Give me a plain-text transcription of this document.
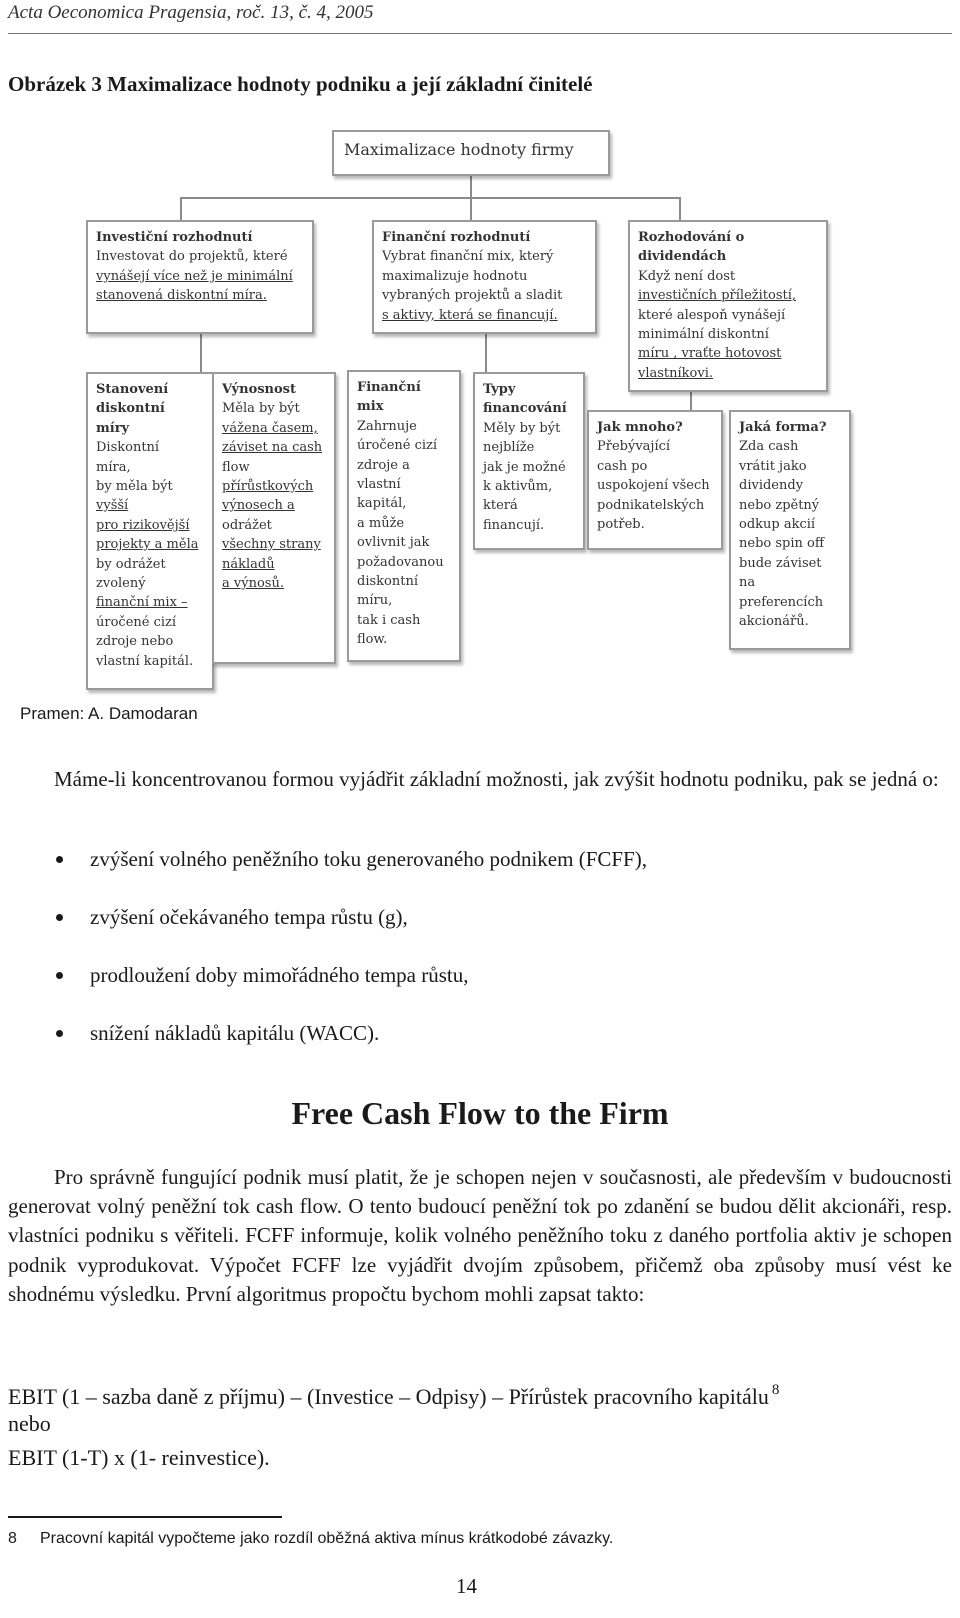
Acta Oeconomica Pragensia, roč. 13, č. 4, 2005
Obrázek 3 Maximalizace hodnoty podniku a její základní činitelé
Maximalizace hodnoty firmy
Investiční rozhodnutí
Investovat do projektů, které
vynášejí více než je minimální
stanovená diskontní míra.
Finanční rozhodnutí
Vybrat finanční mix, který
maximalizuje hodnotu
vybraných projektů a sladit
s aktivy, která se financují.
Rozhodování o
dividendách
Když není dost
investičních příležitostí,
které alespoň vynášejí
minimální diskontní
míru , vraťte hotovost
vlastníkovi.
Stanovení
diskontní
míry
Diskontní
míra,
by měla být
vyšší
pro rizikovější
projekty a měla
by odrážet
zvolený
finanční mix –
úročené cizí
zdroje nebo
vlastní kapitál.
Výnosnost
Měla by být
vážena časem,
záviset na cash
flow
přírůstkových
výnosech a
odrážet
všechny strany
nákladů
a výnosů.
Finanční
mix
Zahrnuje
úročené cizí
zdroje a
vlastní
kapitál,
a může
ovlivnit jak
požadovanou
diskontní
míru,
tak i cash
flow.
Typy
financování
Měly by být
nejblíže
jak je možné
k aktivům,
která
financují.
Jak mnoho?
Přebývající
cash po
uspokojení všech
podnikatelských
potřeb.
Jaká forma?
Zda cash
vrátit jako
dividendy
nebo zpětný
odkup akcií
nebo spin off
bude záviset
na
preferencích
akcionářů.
Pramen: A. Damodaran
Máme-li koncentrovanou formou vyjádřit základní možnosti, jak zvýšit hodnotu podniku, pak se jedná o:
zvýšení volného peněžního toku generovaného podnikem (FCFF),
zvýšení očekávaného tempa růstu (g),
prodloužení doby mimořádného tempa růstu,
snížení nákladů kapitálu (WACC).
Free Cash Flow to the Firm
Pro správně fungující podnik musí platit, že je schopen nejen v současnosti, ale především v budoucnosti generovat volný peněžní tok cash flow. O tento budoucí peněžní tok po zdanění se budou dělit akcionáři, resp. vlastníci podniku s věřiteli. FCFF informuje, kolik volného peněžního toku z daného portfolia aktiv je schopen podnik vyprodukovat. Výpočet FCFF lze vyjádřit dvojím způsobem, přičemž oba způsoby musí vést ke shodnému výsledku. První algoritmus propočtu bychom mohli zapsat takto:
EBIT (1 – sazba daně z příjmu) – (Investice – Odpisy) – Přírůstek pracovního kapitálu $^8$
nebo
EBIT (1-T) x (1- reinvestice).
8 Pracovní kapitál vypočteme jako rozdíl oběžná aktiva mínus krátkodobé závazky.
14
